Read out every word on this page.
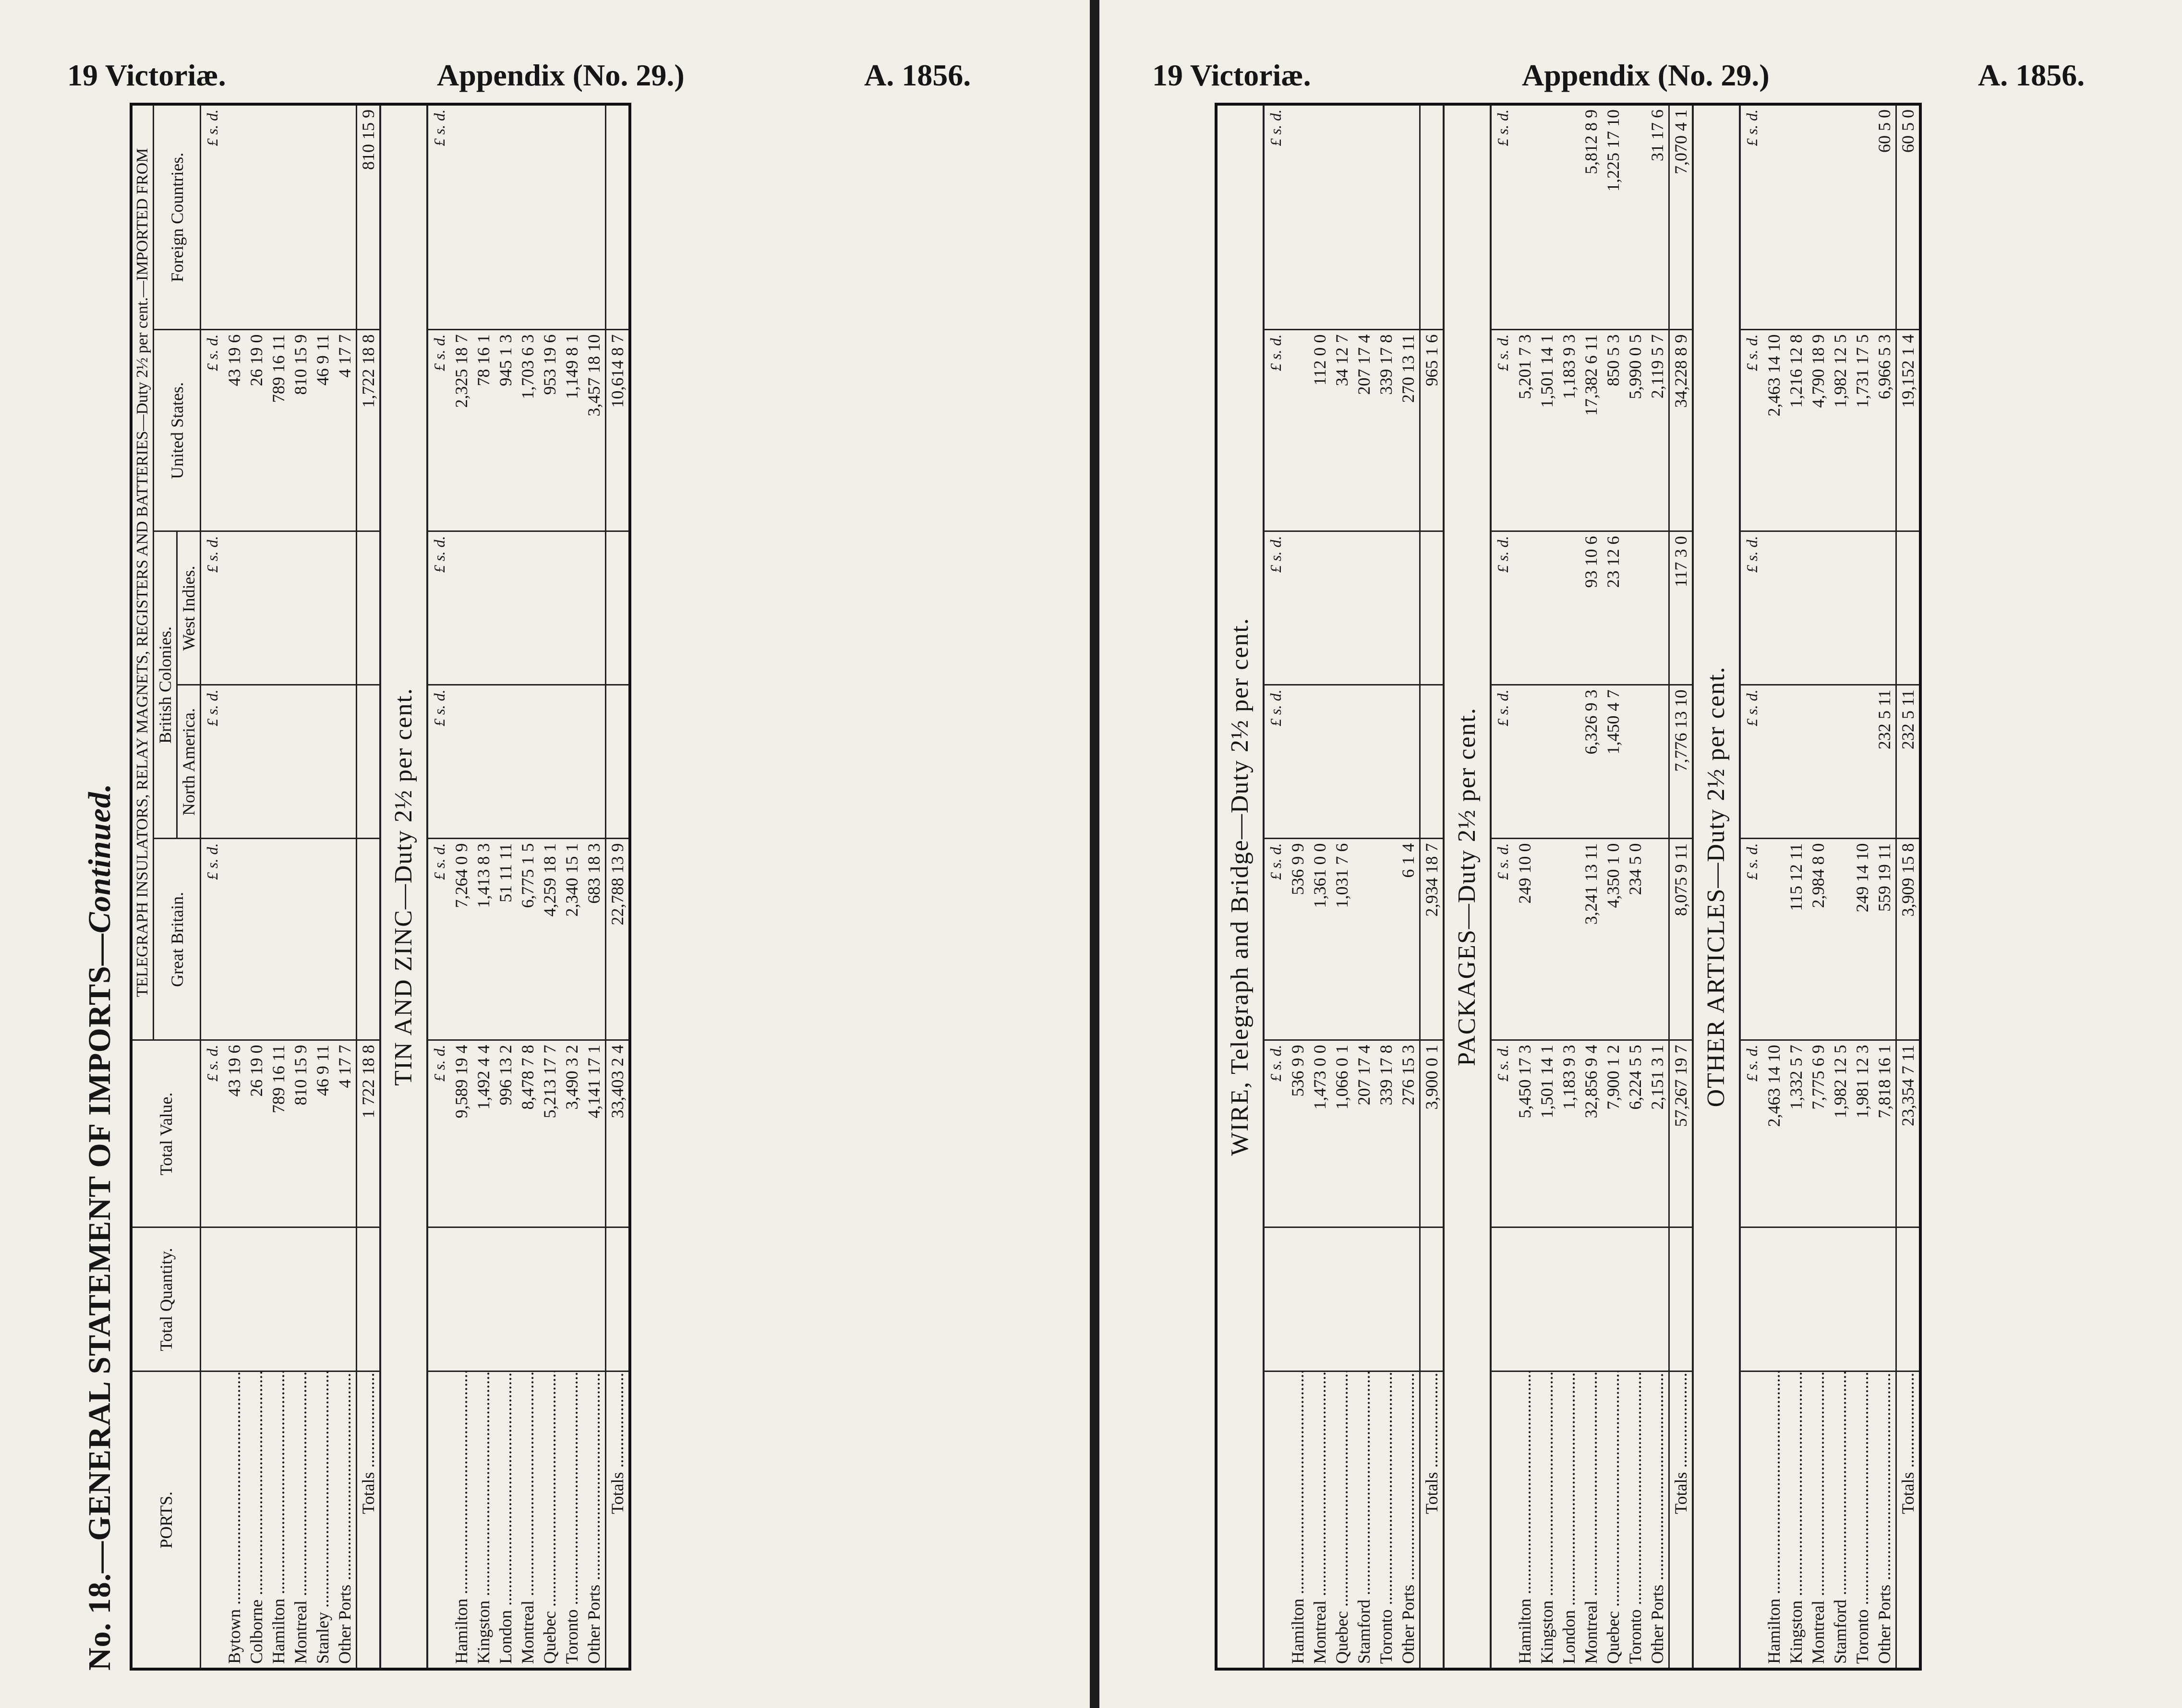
19 Victoriæ.	Appendix (No. 29.)	A. 1856.
No. 18.—GENERAL STATEMENT OF IMPORTS—Continued.
PORTS.	Total Quantity.	Total Value.	TELEGRAPH INSULATORS, RELAY MAGNETS, REGISTERS AND BATTERIES—Duty 2½ per cent.—IMPORTED FROM				
			Great Britain.	British Colonies.		United States.	Foreign Countries.
				North America.	West Indies.		
		£ s. d.	£ s. d.	£ s. d.	£ s. d.	£ s. d.	£ s. d.
Bytown .....		43 19 6				43 19 6	
Colborne .....		26 19 0				26 19 0	
Hamilton .....		789 16 11				789 16 11	
Montreal .....		810 15 9				810 15 9	
Stanley .....		46 9 11				46 9 11	
Other Ports .....		4 17 7				4 17 7	
Totals .....		1 722 18 8				1,722 18 8	810 15 9
TIN AND ZINC—Duty 2½ per cent.							
		£ s. d.	£ s. d.	£ s. d.	£ s. d.	£ s. d.	£ s. d.
Hamilton .....		9,589 19 4	7,264 0 9			2,325 18 7	
Kingston .....		1,492 4 4	1,413 8 3			78 16 1	
London .....		996 13 2	51 11 11			945 1 3	
Montreal .....		8,478 7 8	6,775 1 5			1,703 6 3	
Quebec .....		5,213 17 7	4,259 18 1			953 19 6	
Toronto .....		3,490 3 2	2,340 15 1			1,149 8 1	
Other Ports .....		4,141 17 1	683 18 3			3,457 18 10	
Totals .....		33,403 2 4	22,788 13 9			10,614 8 7	
19 Victoriæ.	Appendix (No. 29.)	A. 1856.
WIRE, Telegraph and Bridge—Duty 2½ per cent.							
		£ s. d.	£ s. d.	£ s. d.	£ s. d.	£ s. d.	£ s. d.
Hamilton .....		536 9 9	536 9 9				
Montreal .....		1,473 0 0	1,361 0 0			112 0 0	
Quebec .....		1,066 0 1	1,031 7 6			34 12 7	
Stamford .....		207 17 4				207 17 4	
Toronto .....		339 17 8				339 17 8	
Other Ports .....		276 15 3	6 1 4			270 13 11	
Totals .....		3,900 0 1	2,934 18 7			965 1 6	
PACKAGES—Duty 2½ per cent.							
		£ s. d.	£ s. d.	£ s. d.	£ s. d.	£ s. d.	£ s. d.
Hamilton .....		5,450 17 3	249 10 0			5,201 7 3	
Kingston .....		1,501 14 1				1,501 14 1	
London .....		1,183 9 3				1,183 9 3	
Montreal .....		32,856 9 4	3,241 13 11	6,326 9 3	93 10 6	17,382 6 11	5,812 8 9
Quebec .....		7,900 1 2	4,350 1 0	1,450 4 7	23 12 6	850 5 3	1,225 17 10
Toronto .....		6,224 5 5	234 5 0			5,990 0 5	
Other Ports .....		2,151 3 1				2,119 5 7	31 17 6
Totals .....		57,267 19 7	8,075 9 11	7,776 13 10	117 3 0	34,228 8 9	7,070 4 1
OTHER ARTICLES—Duty 2½ per cent.							
		£ s. d.	£ s. d.	£ s. d.	£ s. d.	£ s. d.	£ s. d.
Hamilton .....		2,463 14 10				2,463 14 10	
Kingston .....		1,332 5 7	115 12 11			1,216 12 8	
Montreal .....		7,775 6 9	2,984 8 0			4,790 18 9	
Stamford .....		1,982 12 5				1,982 12 5	
Toronto .....		1,981 12 3	249 14 10			1,731 17 5	
Other Ports .....		7,818 16 1	559 19 11	232 5 11		6,966 5 3	60 5 0
Totals .....		23,354 7 11	3,909 15 8	232 5 11		19,152 1 4	60 5 0
